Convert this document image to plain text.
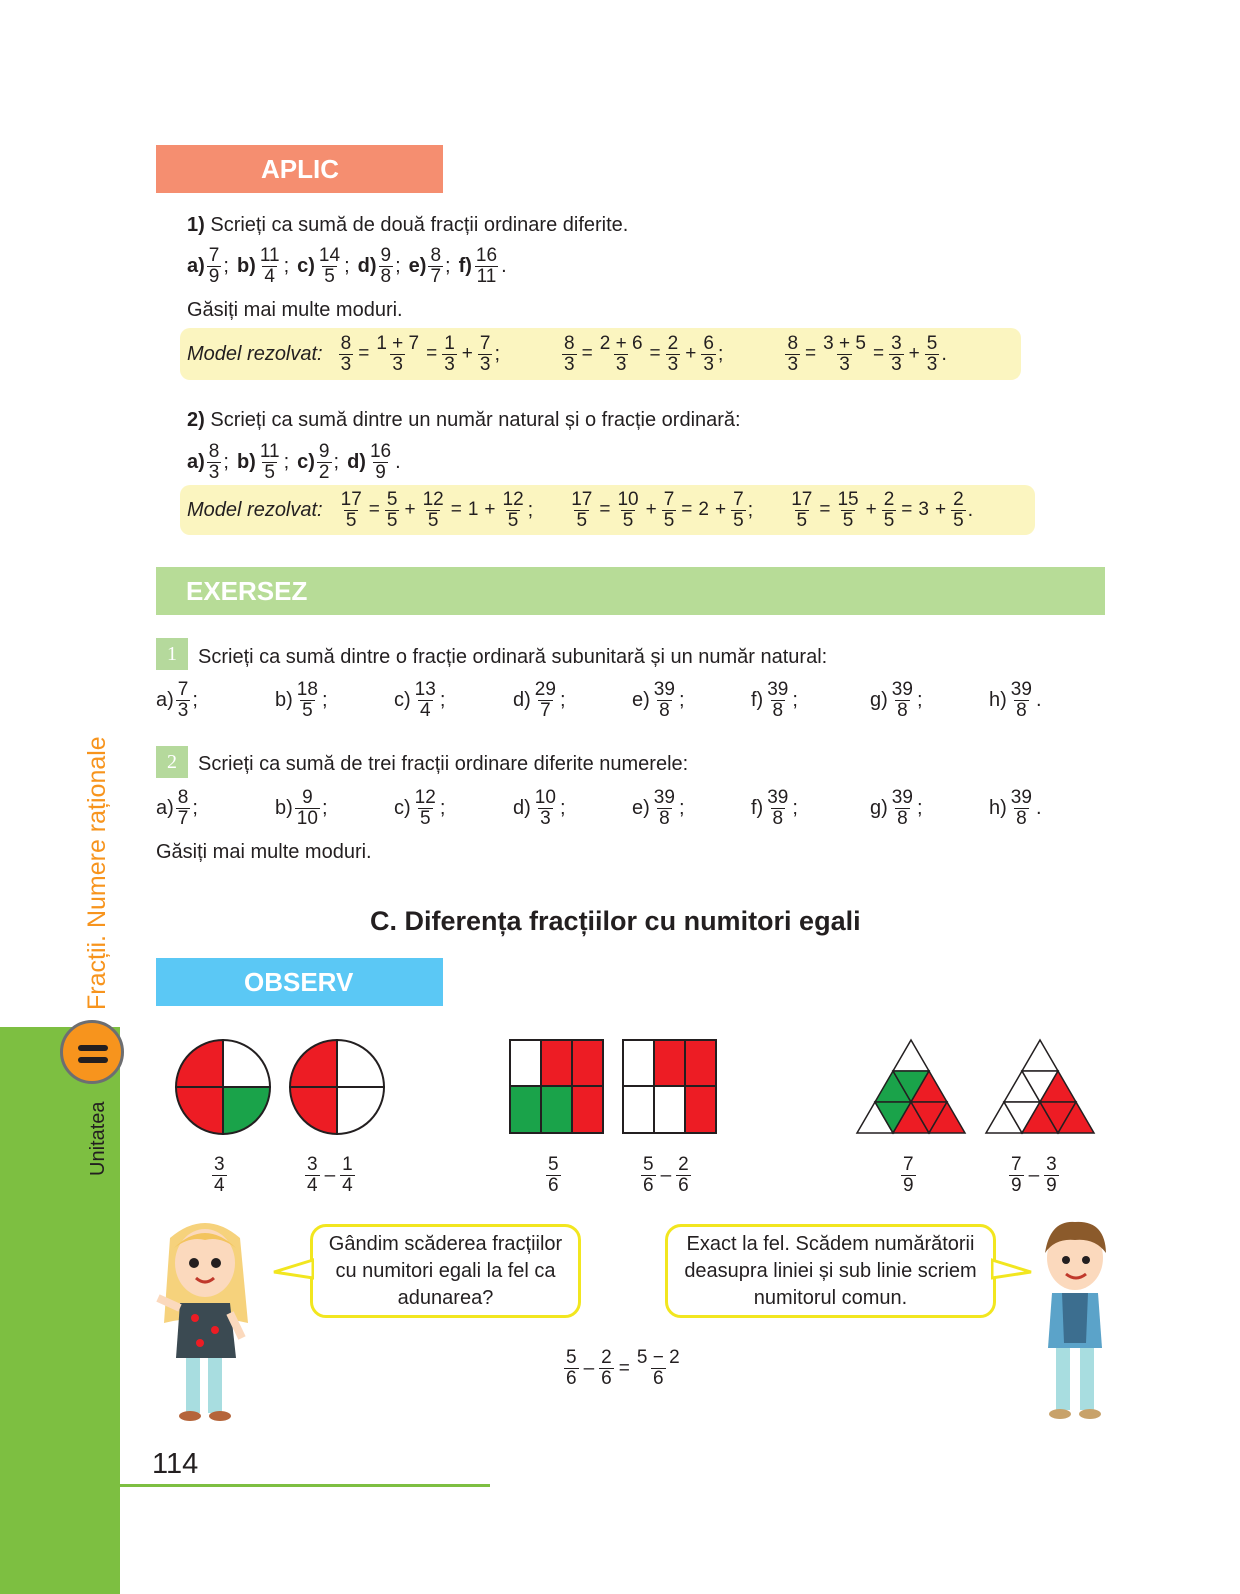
APLIC
1) Scrieți ca sumă de două fracții ordinare diferite.
$a) \frac{7}{9}$ ; $b) \frac{11}{4}$ ; $c) \frac{14}{5}$ ; $d) \frac{9}{8}$ ; $e) \frac{8}{7}$ ; $f) \frac{16}{11}$ .
Găsiți mai multe moduri.
Model rezolvat: $\frac{8}{3} = \frac{1 + 7}{3} = \frac{1}{3} + \frac{7}{3}$ ;	$\frac{8}{3} = \frac{2 + 6}{3} = \frac{2}{3} + \frac{6}{3}$ ;	$\frac{8}{3} = \frac{3 + 5}{3} = \frac{3}{3} + \frac{5}{3}$ .
2) Scrieți ca sumă dintre un număr natural și o fracție ordinară:
$a) \frac{8}{3}$ ; $b) \frac{11}{5}$ ; $c) \frac{9}{2}$ ; $d) \frac{16}{9}$ .
Model rezolvat: $\frac{17}{5} = \frac{5}{5} + \frac{12}{5} = 1 + \frac{12}{5}$ ; $\frac{17}{5} = \frac{10}{5} + \frac{7}{5} = 2 + \frac{7}{5}$ ; $\frac{17}{5} = \frac{15}{5} + \frac{2}{5} = 3 + \frac{2}{5}$ .
EXERSEZ
1	Scrieți ca sumă dintre o fracție ordinară subunitară și un număr natural:
$a) \frac{7}{3}$ ;	$b) \frac{18}{5}$ ;	$c) \frac{13}{4}$ ;	$d) \frac{29}{7}$ ;	$e) \frac{39}{8}$ ;	$f) \frac{39}{8}$ ;	$g) \frac{39}{8}$ ;	$h) \frac{39}{8}$ .
2	Scrieți ca sumă de trei fracții ordinare diferite numerele:
$a) \frac{8}{7}$ ;	$b) \frac{9}{10}$ ;	$c) \frac{12}{5}$ ;	$d) \frac{10}{3}$ ;	$e) \frac{39}{8}$ ;	$f) \frac{39}{8}$ ;	$g) \frac{39}{8}$ ;	$h) \frac{39}{8}$ .
Găsiți mai multe moduri.
C. Diferența fracțiilor cu numitori egali
OBSERV
$\frac{3}{4}$	$\frac{3}{4} - \frac{1}{4}$	$\frac{5}{6}$	$\frac{5}{6} - \frac{2}{6}$	$\frac{7}{9}$	$\frac{7}{9} - \frac{3}{9}$
Gândim scăderea fracțiilor cu numitori egali la fel ca adunarea?
Exact la fel. Scădem numărătorii deasupra liniei și sub linie scriem numitorul comun.
$\frac{5}{6} - \frac{2}{6} = \frac{5 - 2}{6}$
Fracții. Numere raționale
Unitatea
114
